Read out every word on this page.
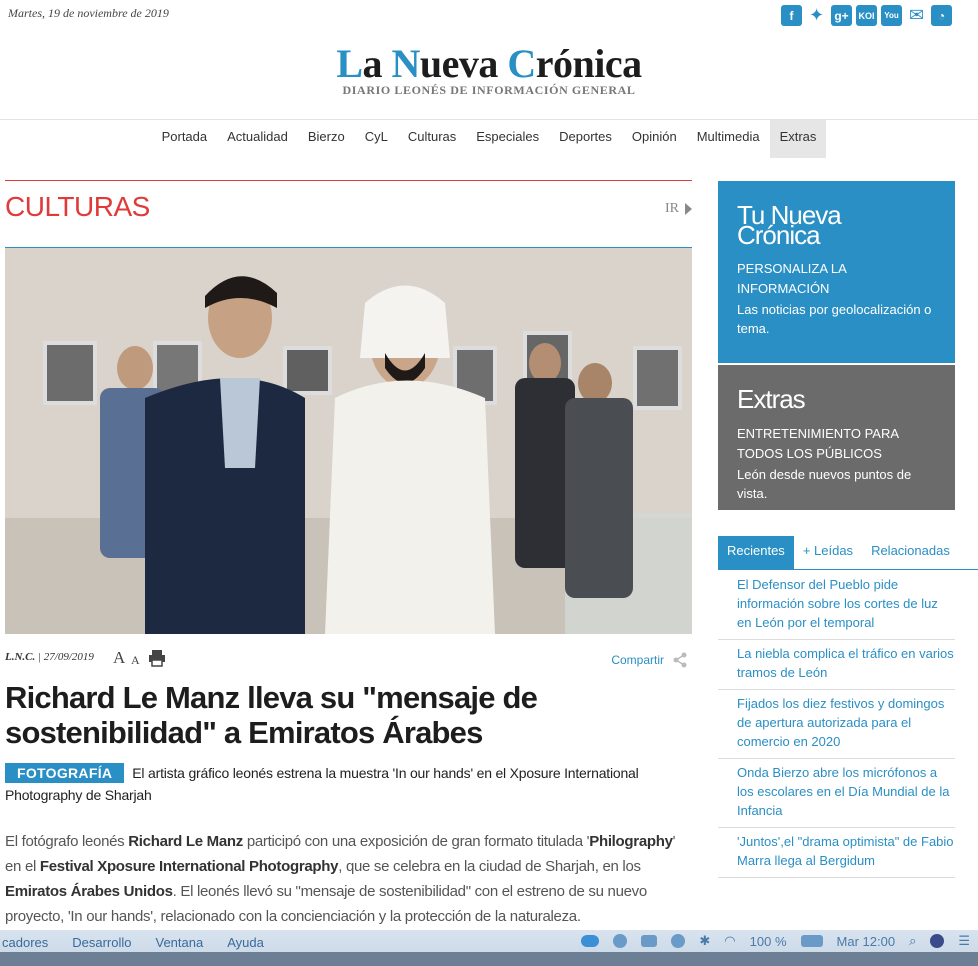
Martes, 19 de noviembre de 2019	f ✦ g+	KOI	You ✉	◔
La Nueva Crónica
DIARIO LEONÉS DE INFORMACIÓN GENERAL
Portada	Actualidad	Bierzo	CyL	Culturas	Especiales	Deportes	Opinión	Multimedia	Extras
CULTURAS	IR
L.N.C. | 27/09/2019 A A	Compartir
Richard Le Manz lleva su "mensaje de sostenibilidad" a Emiratos Árabes
FOTOGRAFÍA El artista gráfico leonés estrena la muestra 'In our hands' en el Xposure International Photography de Sharjah
El fotógrafo leonés Richard Le Manz participó con una exposición de gran formato titulada 'Philography' en el Festival Xposure International Photography, que se celebra en la ciudad de Sharjah, en los Emiratos Árabes Unidos. El leonés llevó su "mensaje de sostenibilidad" con el estreno de su nuevo proyecto, 'In our hands', relacionado con la concienciación y la protección de la naturaleza.
Tu Nueva Crónica
PERSONALIZA LA INFORMACIÓN
Las noticias por geolocalización o tema.
Extras
ENTRETENIMIENTO PARA TODOS LOS PÚBLICOS
León desde nuevos puntos de vista.
Recientes	+ Leídas	Relacionadas
El Defensor del Pueblo pide información sobre los cortes de luz en León por el temporal
La niebla complica el tráfico en varios tramos de León
Fijados los diez festivos y domingos de apertura autorizada para el comercio en 2020
Onda Bierzo abre los micrófonos a los escolares en el Día Mundial de la Infancia
'Juntos',el "drama optimista" de Fabio Marra llega al Bergidum
cadores Desarrollo Ventana Ayuda	✱ ◠ 100 %	Mar 12:00 ⌕	☰
